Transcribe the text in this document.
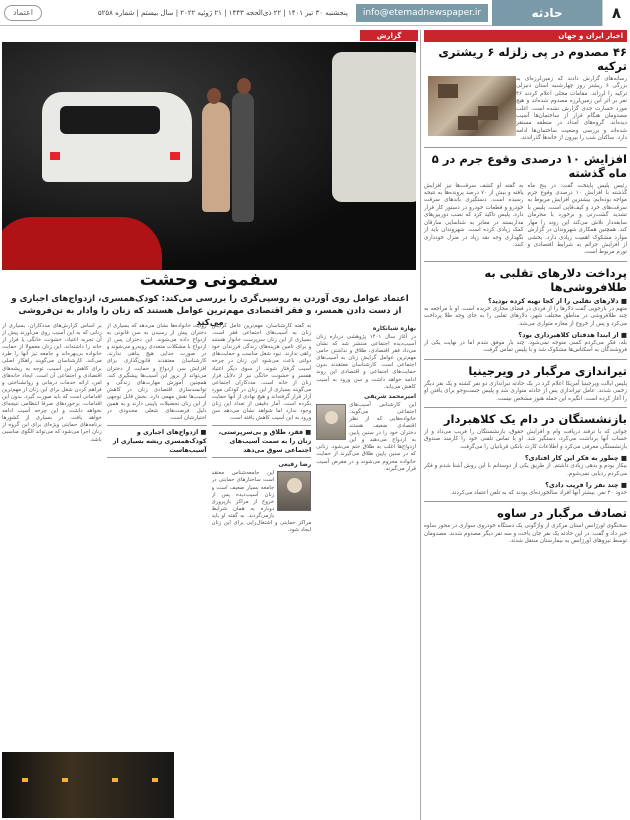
۸
حادثه
info@etemadnewspaper.ir
پنجشنبه ۳۰ تیر ۱۴۰۱ | ۲۲ ذی‌الحجه ۱۴۴۳ | ۲۱ ژوئیه ۲۰۲۲ | سال بیستم | شماره ۵۲۵۸
اعتماد
اخبار ایران و جهان
۴۶ مصدوم در پی زلزله ۶ ریشتری ترکیه
رسانه‌های گزارش دادند که زمین‌لرزه‌ای به بزرگی ۶ ریشتر روز چهارشنبه استان دنیزلی ترکیه را لرزاند. مقامات محلی اعلام کردند ۴۶ نفر بر اثر این زمین‌لرزه مصدوم شده‌اند و هیچ مورد خسارت جدی گزارش نشده است. اغلب مصدومان هنگام فرار از ساختمان‌ها آسیب دیده‌اند. گروه‌های امداد در منطقه مستقر شده‌اند و بررسی وضعیت ساختمان‌ها ادامه دارد. ساکنان شب را بیرون از خانه‌ها گذراندند.
افزایش ۱۰ درصدی وقوع جرم در ۵ ماه گذشته
رئیس پلیس پایتخت گفت: در پنج ماه گذشته با افزایش ۱۰ درصدی وقوع جرم مواجه بوده‌ایم. بیشترین افزایش مربوط به سرقت‌های خرد و کیف‌قاپی است. پلیس با تشدید گشت‌زنی و برخورد با مجرمان سابقه‌دار تلاش می‌کند این روند را مهار کند. همچنین همکاری شهروندان در گزارش موارد مشکوک اهمیت زیادی دارد. بخشی از افزایش جرائم به شرایط اقتصادی و تورم مربوط است.
به گفته او کشف سرقت‌ها نیز افزایش یافته و بیش از ۷۰ درصد پرونده‌ها به نتیجه رسیده است. دستگیری باندهای سرقت خودرو و قطعات خودرو در دستور کار قرار دارد. پلیس تاکید کرد که نصب دوربین‌های مداربسته در معابر به شناسایی سارقان کمک زیادی کرده است. شهروندان باید از نگهداری وجه نقد زیاد در منزل خودداری کنند.
پرداخت دلارهای تقلبی به طلافروشی‌ها
■ دلارهای تقلبی را از کجا تهیه کرده بودید؟
متهم در بازجویی گفت دلارها را از فردی در فضای مجازی خریده است. او با مراجعه به چند طلافروشی در مناطق مختلف شهر، دلارهای تقلبی را به جای وجه طلا پرداخت می‌کرد و پس از خروج از مغازه متواری می‌شد.
■ از ابتدا هدفتان کلاهبرداری بود؟
بله، فکر می‌کردم کسی متوجه نمی‌شود. چند بار موفق شدم اما در نهایت یکی از فروشندگان به اسکناس‌ها مشکوک شد و با پلیس تماس گرفت.
تیراندازی مرگبار در ویرجینیا
پلیس ایالت ویرجینیا آمریکا اعلام کرد در یک حادثه تیراندازی دو نفر کشته و یک نفر دیگر زخمی شدند. عامل تیراندازی پس از حادثه متواری شد و پلیس جست‌وجو برای یافتن او را آغاز کرده است. انگیزه این حمله هنوز مشخص نیست.
بازنشستگان در دام یک کلاهبردار
جوانی که با ترفند دریافت وام و افزایش حقوق، بازنشستگان را فریب می‌داد و از حساب آنها برداشت می‌کرد، دستگیر شد. او با تماس تلفنی خود را کارمند صندوق بازنشستگی معرفی می‌کرد و اطلاعات کارت بانکی قربانیان را می‌گرفت.
■ چطور به فکر این کار افتادی؟
بیکار بودم و بدهی زیادی داشتم. از طریق یکی از دوستانم با این روش آشنا شدم و فکر می‌کردم ردیابی نمی‌شوم.
■ چند نفر را فریب دادی؟
حدود ۴۰ نفر. بیشتر آنها افراد سالخورده‌ای بودند که به تلفن اعتماد می‌کردند.
تصادف مرگبار در ساوه
سخنگوی اورژانس استان مرکزی از واژگونی یک دستگاه خودروی سواری در محور ساوه خبر داد و گفت: در این حادثه یک نفر جان باخت و سه نفر دیگر مصدوم شدند. مصدومان توسط نیروهای اورژانس به بیمارستان منتقل شدند.
گزارش
سفمونی وحشت
اعتماد عوامل روی آوردن به روسپی‌گری را بررسی می‌کند: کودک‌همسری، ازدواج‌های اجباری و از دست دادن همسر، و فقر اقتصادی مهم‌ترین عوامل هستند که زنان را وادار به تن‌فروشی می‌کند
بهاره شبانکاره
در آغاز سال ۱۴۰۱ پژوهشی درباره زنان آسیب‌دیده اجتماعی منتشر شد که نشان می‌داد فقر اقتصادی، طلاق و نداشتن حامی مهم‌ترین عوامل گرایش زنان به آسیب‌های اجتماعی است. کارشناسان معتقدند بدون حمایت‌های اجتماعی و اقتصادی این روند ادامه خواهد داشت و سن ورود به آسیب کاهش می‌یابد.
امیرمحمد شریفی
این کارشناس آسیب‌های اجتماعی می‌گوید: خانواده‌هایی که از نظر اقتصادی ضعیف هستند دختران خود را در سنین پایین به ازدواج می‌دهند و این ازدواج‌ها اغلب به طلاق ختم می‌شود. زنانی که در سنین پایین طلاق می‌گیرند از حمایت خانواده محروم می‌شوند و در معرض آسیب قرار می‌گیرند.
به گفته کارشناسان، مهم‌ترین عامل گرایش زنان به آسیب‌های اجتماعی فقر است. بسیاری از این زنان سرپرست خانوار هستند و برای تامین هزینه‌های زندگی فرزندان خود راهی ندارند. نبود شغل مناسب و حمایت‌های دولتی باعث می‌شود این زنان در چرخه آسیب گرفتار شوند. از سوی دیگر اعتیاد همسر و خشونت خانگی نیز از دلایل فرار زنان از خانه است. مددکاران اجتماعی می‌گویند بسیاری از این زنان در کودکی مورد آزار قرار گرفته‌اند و هیچ نهادی از آنها حمایت نکرده است. آمار دقیقی از تعداد این زنان وجود ندارد اما شواهد نشان می‌دهد سن ورود به این آسیب کاهش یافته است.
■ فقر، طلاق و بی‌سرپرستی، زنان را به سمت آسیب‌های اجتماعی سوق می‌دهد
رضا رفیعی
این جامعه‌شناس معتقد است ساختارهای حمایتی در جامعه بسیار ضعیف است و زنان آسیب‌دیده پس از خروج از مراکز بازپروری دوباره به همان شرایط بازمی‌گردند. به گفته او باید مراکز حمایتی و اشتغال‌زایی برای این زنان ایجاد شود.
روایت خانواده‌ها نشان می‌دهد که بسیاری از دختران پیش از رسیدن به سن قانونی به ازدواج داده می‌شوند. این دختران پس از ازدواج با مشکلات متعددی روبه‌رو می‌شوند و در صورت جدایی هیچ پناهی ندارند. کارشناسان معتقدند قانون‌گذاری برای افزایش سن ازدواج و حمایت از دختران می‌تواند از بروز این آسیب‌ها پیشگیری کند. همچنین آموزش مهارت‌های زندگی و توانمندسازی اقتصادی زنان در کاهش آسیب‌ها نقش مهمی دارد. بخش قابل توجهی از این زنان تحصیلات پایینی دارند و به همین دلیل فرصت‌های شغلی محدودی در اختیارشان است.
■ ازدواج‌های اجباری و کودک‌همسری ریشه بسیاری از آسیب‌هاست
بر اساس گزارش‌های مددکاران، بسیاری از زنانی که به این آسیب روی می‌آورند پیش از آن تجربه اعتیاد، خشونت خانگی یا فرار از خانه را داشته‌اند. این زنان معمولا از حمایت خانواده بی‌بهره‌اند و جامعه نیز آنها را طرد می‌کند. کارشناسان می‌گویند راهکار اصلی برای کاهش این آسیب، توجه به ریشه‌های اقتصادی و اجتماعی آن است. ایجاد خانه‌های امن، ارائه خدمات درمانی و روانشناختی و فراهم کردن شغل برای این زنان از مهم‌ترین اقداماتی است که باید صورت گیرد. بدون این اقدامات، برخوردهای صرفا انتظامی نتیجه‌ای نخواهد داشت و این چرخه آسیب ادامه خواهد یافت. در بسیاری از کشورها برنامه‌های حمایتی ویژه‌ای برای این گروه از زنان اجرا می‌شود که می‌تواند الگوی مناسبی باشد.
